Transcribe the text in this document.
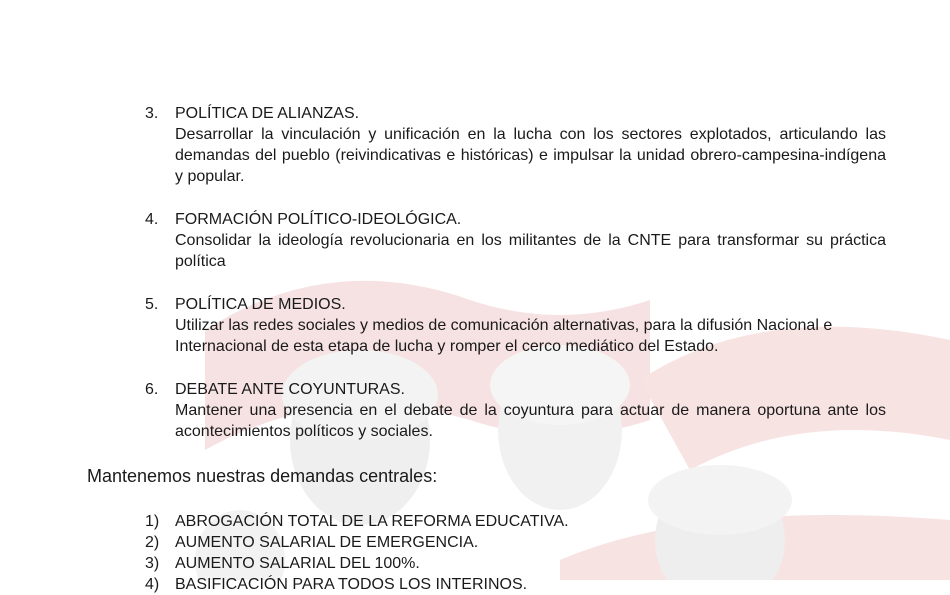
3.	POLÍTICA DE ALIANZAS.
Desarrollar la vinculación y unificación en la lucha con los sectores explotados, articulando las demandas del pueblo (reivindicativas e históricas) e impulsar la unidad obrero-campesina-indígena y popular.
4.	FORMACIÓN POLÍTICO-IDEOLÓGICA.
Consolidar la ideología revolucionaria en los militantes de la CNTE para transformar su práctica política
5.	POLÍTICA DE MEDIOS.
Utilizar las redes sociales y medios de comunicación alternativas, para la difusión Nacional e Internacional de esta etapa de lucha y romper el cerco mediático del Estado.
6.	DEBATE ANTE COYUNTURAS.
Mantener una presencia en el debate de la coyuntura para actuar de manera oportuna ante los acontecimientos políticos y sociales.
Mantenemos nuestras demandas centrales:
1) ABROGACIÓN TOTAL DE LA REFORMA EDUCATIVA.
2) AUMENTO SALARIAL DE EMERGENCIA.
3) AUMENTO SALARIAL DEL 100%.
4) BASIFICACIÓN PARA TODOS LOS INTERINOS.
